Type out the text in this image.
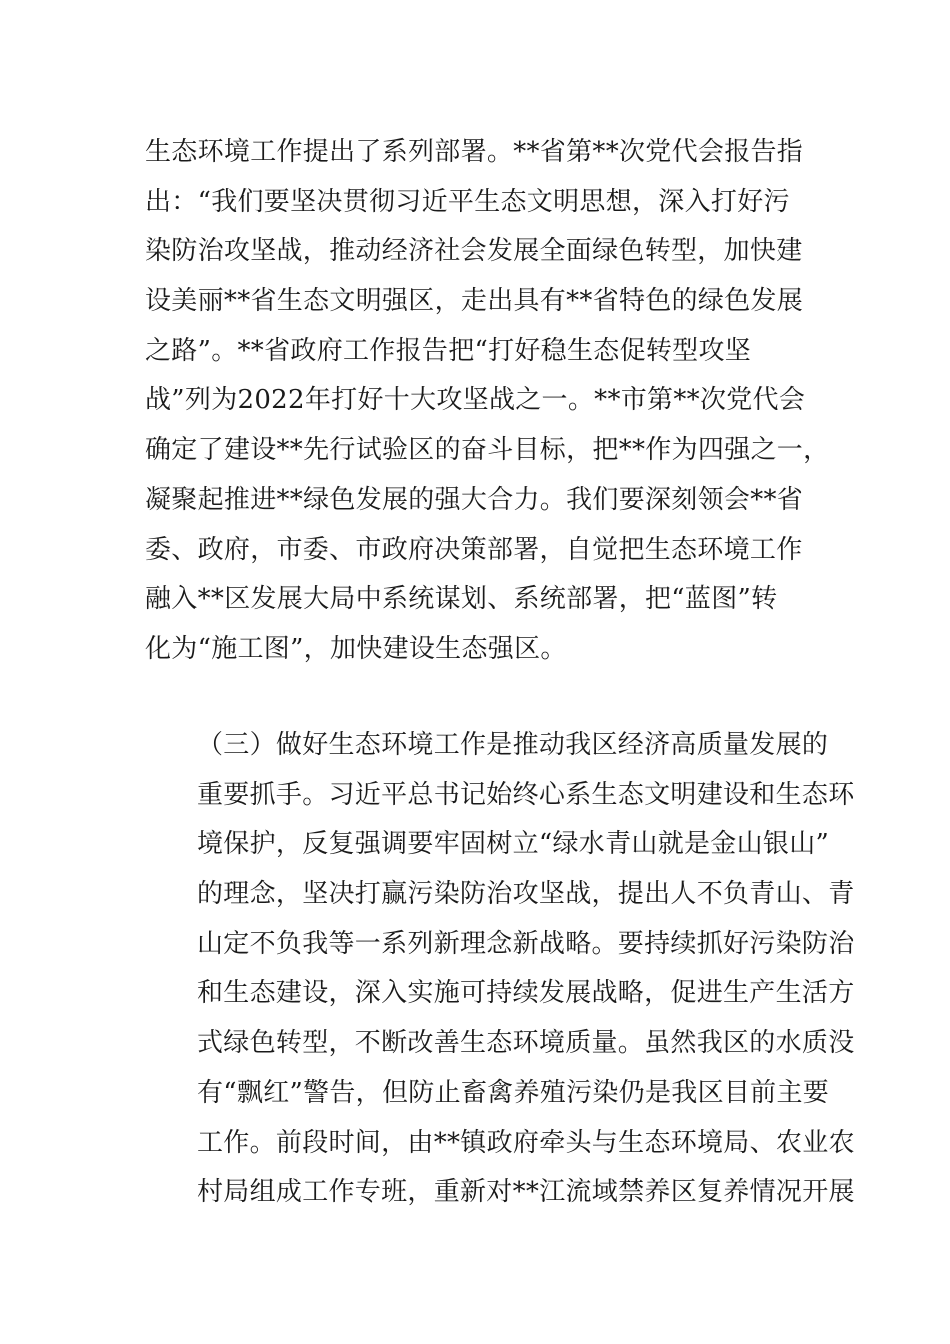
生态环境工作提出了系列部署。**省第**次党代会报告指
出：“我们要坚决贯彻习近平生态文明思想，深入打好污
染防治攻坚战，推动经济社会发展全面绿色转型，加快建
设美丽**省生态文明强区，走出具有**省特色的绿色发展
之路”。**省政府工作报告把“打好稳生态促转型攻坚
战”列为2022年打好十大攻坚战之一。**市第**次党代会
确定了建设**先行试验区的奋斗目标，把**作为四强之一，
凝聚起推进**绿色发展的强大合力。我们要深刻领会**省
委、政府，市委、市政府决策部署，自觉把生态环境工作
融入**区发展大局中系统谋划、系统部署，把“蓝图”转
化为“施工图”，加快建设生态强区。
（三）做好生态环境工作是推动我区经济高质量发展的
重要抓手。习近平总书记始终心系生态文明建设和生态环
境保护，反复强调要牢固树立“绿水青山就是金山银山”
的理念，坚决打赢污染防治攻坚战，提出人不负青山、青
山定不负我等一系列新理念新战略。要持续抓好污染防治
和生态建设，深入实施可持续发展战略，促进生产生活方
式绿色转型，不断改善生态环境质量。虽然我区的水质没
有“飘红”警告，但防止畜禽养殖污染仍是我区目前主要
工作。前段时间，由**镇政府牵头与生态环境局、农业农
村局组成工作专班，重新对**江流域禁养区复养情况开展
